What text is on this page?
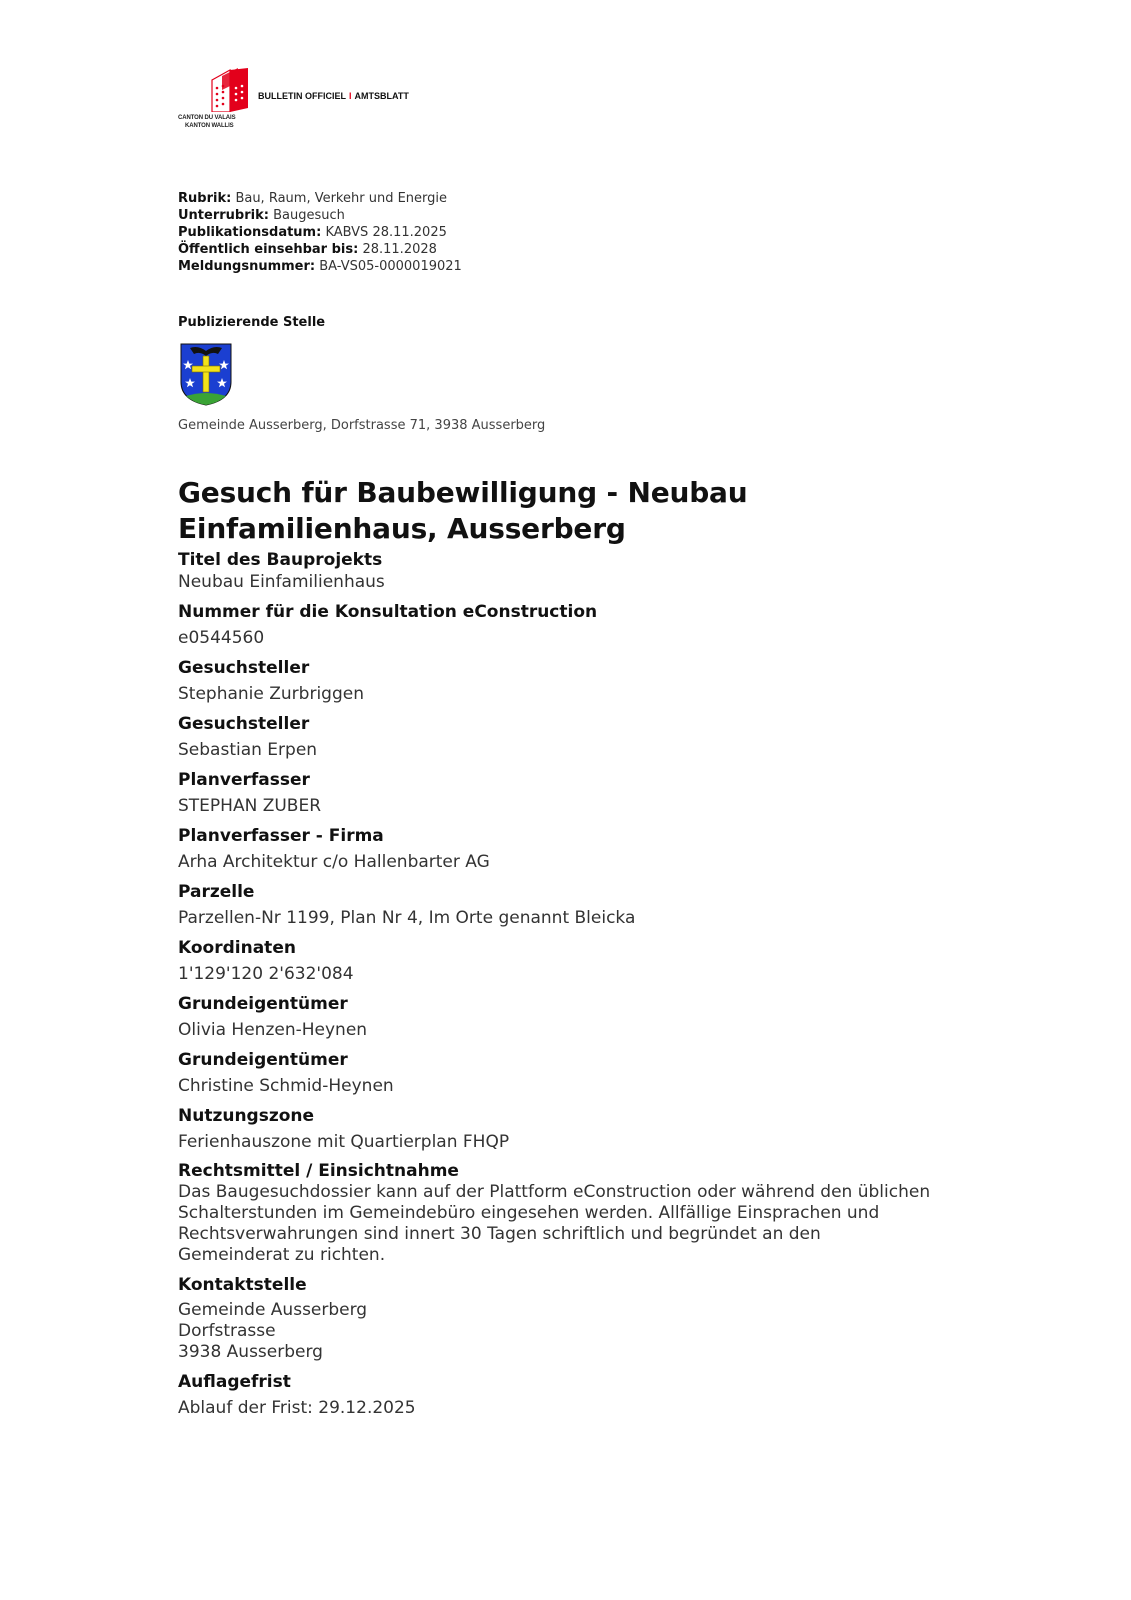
CANTON DU VALAIS
KANTON WALLIS
BULLETIN OFFICIEL I AMTSBLATT
Rubrik: Bau, Raum, Verkehr und Energie
Unterrubrik: Baugesuch
Publikationsdatum: KABVS 28.11.2025
Öffentlich einsehbar bis: 28.11.2028
Meldungsnummer: BA-VS05-0000019021
Publizierende Stelle
Gemeinde Ausserberg, Dorfstrasse 71, 3938 Ausserberg
Gesuch für Baubewilligung - Neubau Einfamilienhaus, Ausserberg
Titel des Bauprojekts
Neubau Einfamilienhaus
Nummer für die Konsultation eConstruction
e0544560
Gesuchsteller
Stephanie Zurbriggen
Gesuchsteller
Sebastian Erpen
Planverfasser
STEPHAN ZUBER
Planverfasser - Firma
Arha Architektur c/o Hallenbarter AG
Parzelle
Parzellen-Nr 1199, Plan Nr 4, Im Orte genannt Bleicka
Koordinaten
1'129'120 2'632'084
Grundeigentümer
Olivia Henzen-Heynen
Grundeigentümer
Christine Schmid-Heynen
Nutzungszone
Ferienhauszone mit Quartierplan FHQP
Rechtsmittel / Einsichtnahme
Das Baugesuchdossier kann auf der Plattform eConstruction oder während den üblichen
Schalterstunden im Gemeindebüro eingesehen werden. Allfällige Einsprachen und
Rechtsverwahrungen sind innert 30 Tagen schriftlich und begründet an den
Gemeinderat zu richten.
Kontaktstelle
Gemeinde Ausserberg
Dorfstrasse
3938 Ausserberg
Auflagefrist
Ablauf der Frist: 29.12.2025
